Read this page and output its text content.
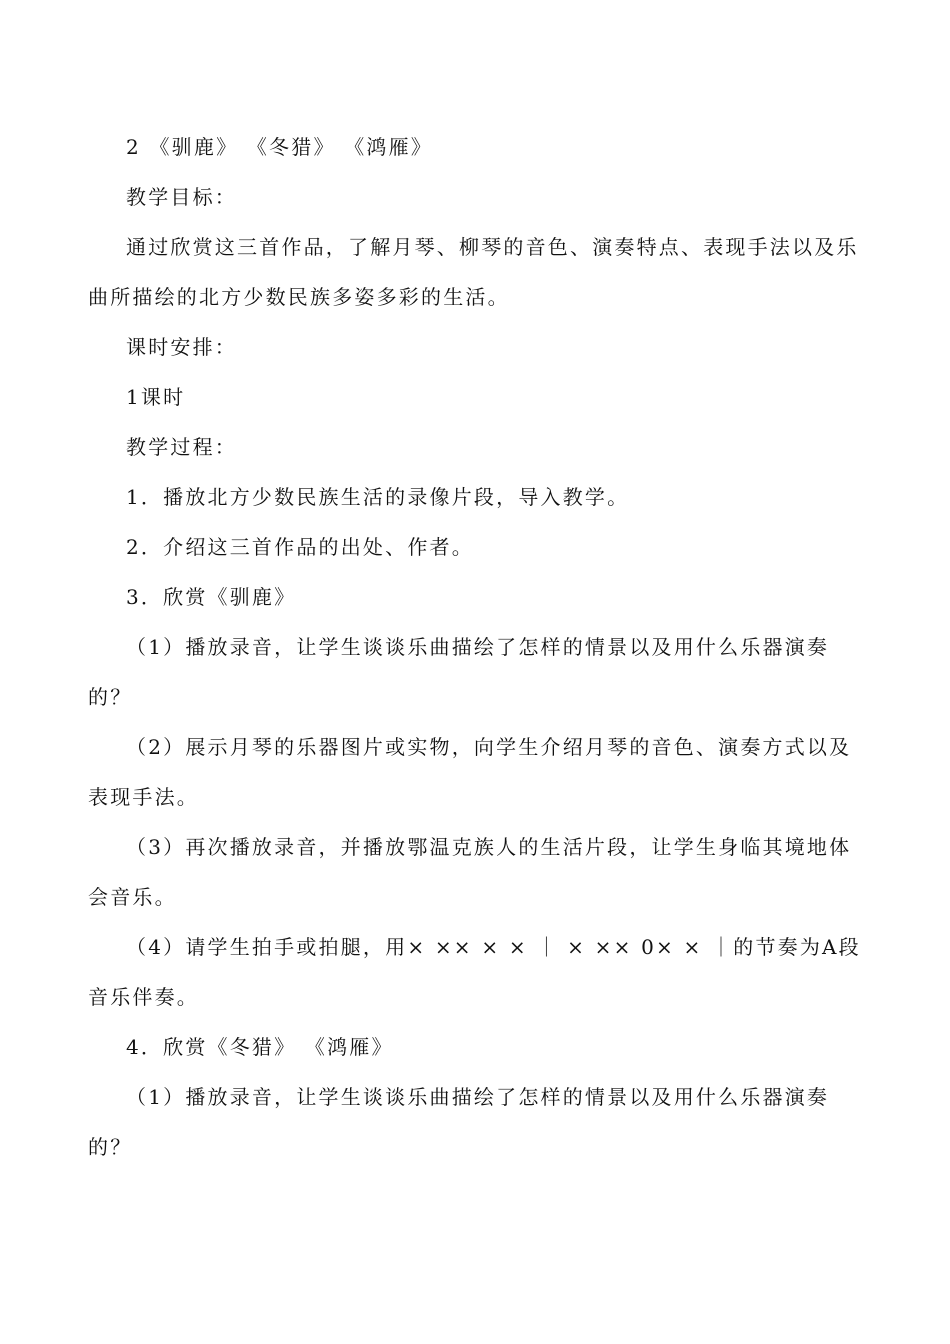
2 《驯鹿》 《冬猎》 《鸿雁》

教学目标：

通过欣赏这三首作品，了解月琴、柳琴的音色、演奏特点、表现手法以及乐曲所描绘的北方少数民族多姿多彩的生活。

课时安排：

1课时

教学过程：

1．播放北方少数民族生活的录像片段，导入教学。

2．介绍这三首作品的出处、作者。

3．欣赏《驯鹿》

（1）播放录音，让学生谈谈乐曲描绘了怎样的情景以及用什么乐器演奏的？

（2）展示月琴的乐器图片或实物，向学生介绍月琴的音色、演奏方式以及表现手法。

（3）再次播放录音，并播放鄂温克族人的生活片段，让学生身临其境地体会音乐。

（4）请学生拍手或拍腿，用× ×× × × ｜ × ×× 0× × ｜的节奏为A段音乐伴奏。

4．欣赏《冬猎》 《鸿雁》

（1）播放录音，让学生谈谈乐曲描绘了怎样的情景以及用什么乐器演奏的？
